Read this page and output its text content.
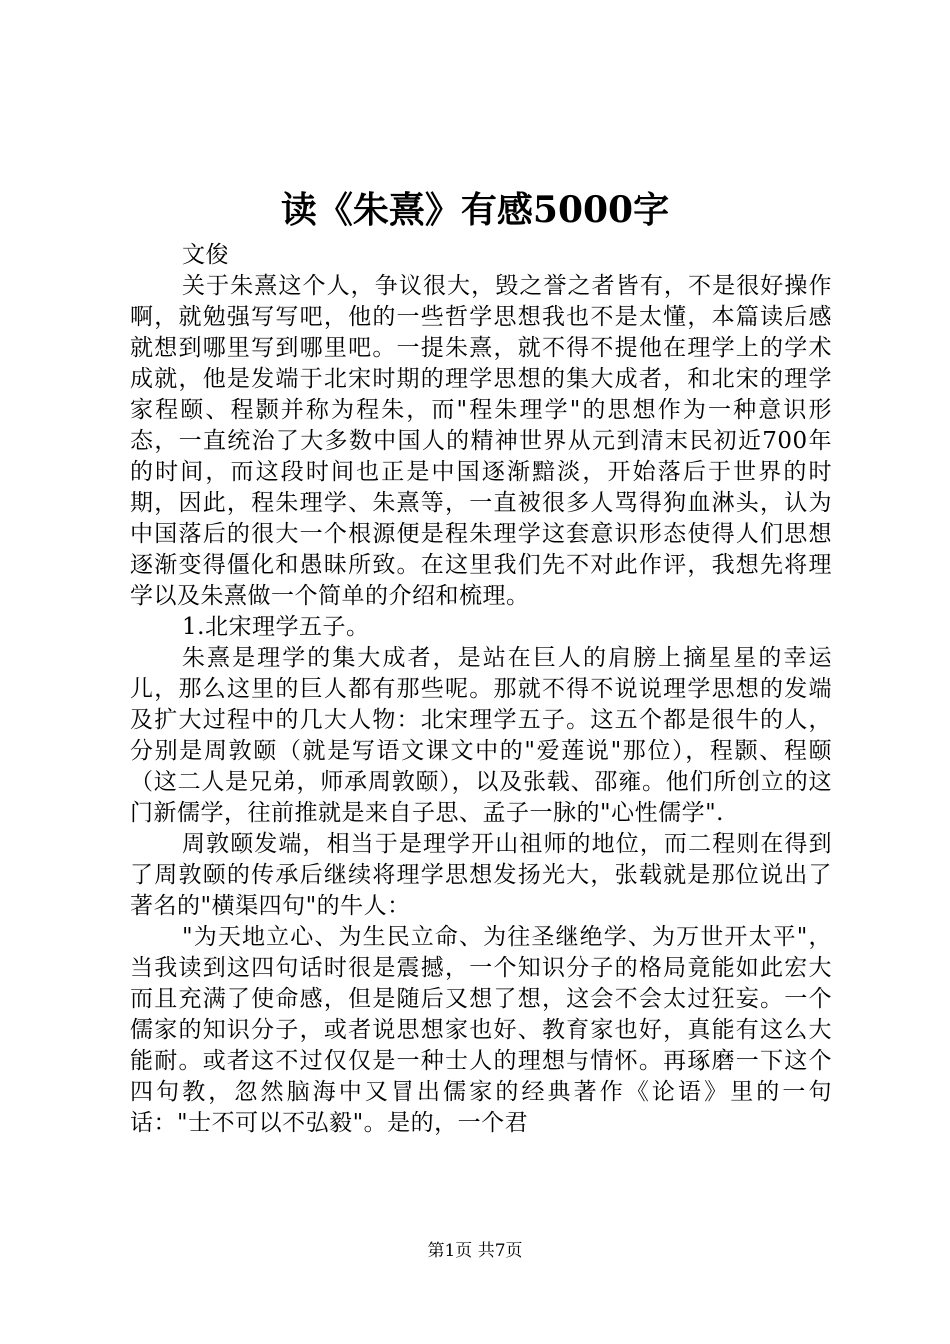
读《朱熹》有感5000字

文俊

关于朱熹这个人，争议很大，毁之誉之者皆有，不是很好操作啊，就勉强写写吧，他的一些哲学思想我也不是太懂，本篇读后感就想到哪里写到哪里吧。一提朱熹，就不得不提他在理学上的学术成就，他是发端于北宋时期的理学思想的集大成者，和北宋的理学家程颐、程颢并称为程朱，而"程朱理学"的思想作为一种意识形态，一直统治了大多数中国人的精神世界从元到清末民初近700年的时间，而这段时间也正是中国逐渐黯淡，开始落后于世界的时期，因此，程朱理学、朱熹等，一直被很多人骂得狗血淋头，认为中国落后的很大一个根源便是程朱理学这套意识形态使得人们思想逐渐变得僵化和愚昧所致。在这里我们先不对此作评，我想先将理学以及朱熹做一个简单的介绍和梳理。

1.北宋理学五子。

朱熹是理学的集大成者，是站在巨人的肩膀上摘星星的幸运儿，那么这里的巨人都有那些呢。那就不得不说说理学思想的发端及扩大过程中的几大人物：北宋理学五子。这五个都是很牛的人，分别是周敦颐（就是写语文课文中的"爱莲说"那位），程颢、程颐（这二人是兄弟，师承周敦颐），以及张载、邵雍。他们所创立的这门新儒学，往前推就是来自子思、孟子一脉的"心性儒学".

周敦颐发端，相当于是理学开山祖师的地位，而二程则在得到了周敦颐的传承后继续将理学思想发扬光大，张载就是那位说出了著名的"横渠四句"的牛人：

"为天地立心、为生民立命、为往圣继绝学、为万世开太平"，当我读到这四句话时很是震撼，一个知识分子的格局竟能如此宏大而且充满了使命感，但是随后又想了想，这会不会太过狂妄。一个儒家的知识分子，或者说思想家也好、教育家也好，真能有这么大能耐。或者这不过仅仅是一种士人的理想与情怀。再琢磨一下这个四句教，忽然脑海中又冒出儒家的经典著作《论语》里的一句话："士不可以不弘毅"。是的，一个君

第1页 共7页
